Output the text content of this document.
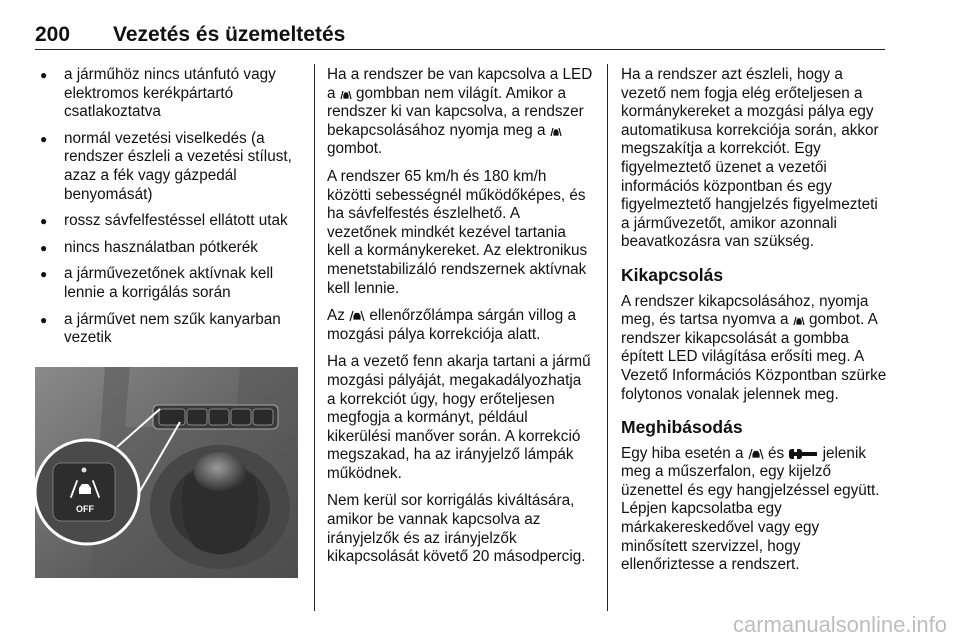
200 Vezetés és üzemeltetés
● a járműhöz nincs utánfutó vagy elektromos kerékpártartó csatlakoztatva
● normál vezetési viselkedés (a rendszer észleli a vezetési stílust, azaz a fék vagy gázpedál benyomását)
● rossz sávfelfestéssel ellátott utak
● nincs használatban pótkerék
● a járművezetőnek aktívnak kell lennie a korrigálás során
● a járművet nem szűk kanyarban vezetik
OFF

Ha a rendszer be van kapcsolva a LED a gombban nem világít. Amikor a rendszer ki van kapcsolva, a rendszer bekapcsolásához nyomja meg a  gombot.

A rendszer 65 km/h és 180 km/h közötti sebességnél működőképes, és ha sávfelfestés észlelhető. A vezetőnek mindkét kezével tartania kell a kormánykereket. Az elektronikus menetstabilizáló rendszernek aktívnak kell lennie.

Az ellenőrzőlámpa sárgán villog a mozgási pálya korrekciója alatt.

Ha a vezető fenn akarja tartani a jármű mozgási pályáját, megakadályozhatja a korrekciót úgy, hogy erőteljesen megfogja a kormányt, például kikerülési manőver során. A korrekció megszakad, ha az irányjelző lámpák működnek.

Nem kerül sor korrigálás kiváltására, amikor be vannak kapcsolva az irányjelzők és az irányjelzők kikapcsolását követő 20 másodpercig.

Ha a rendszer azt észleli, hogy a vezető nem fogja elég erőteljesen a kormánykereket a mozgási pálya egy automatikusa korrekciója során, akkor megszakítja a korrekciót. Egy figyelmeztető üzenet a vezetői információs központban és egy figyelmeztető hangjelzés figyelmezteti a járművezetőt, amikor azonnali beavatkozásra van szükség.

Kikapcsolás

A rendszer kikapcsolásához, nyomja meg, és tartsa nyomva a gombot. A rendszer kikapcsolását a gombba épített LED világítása erősíti meg. A Vezető Információs Központban szürke folytonos vonalak jelennek meg.

Meghibásodás

Egy hiba esetén a és	jelenik meg a műszerfalon, egy kijelző üzenettel és egy hangjelzéssel együtt. Lépjen kapcsolatba egy márkakereskedővel vagy egy minősített szervizzel, hogy ellenőriztesse a rendszert.

carmanualsonline.info
